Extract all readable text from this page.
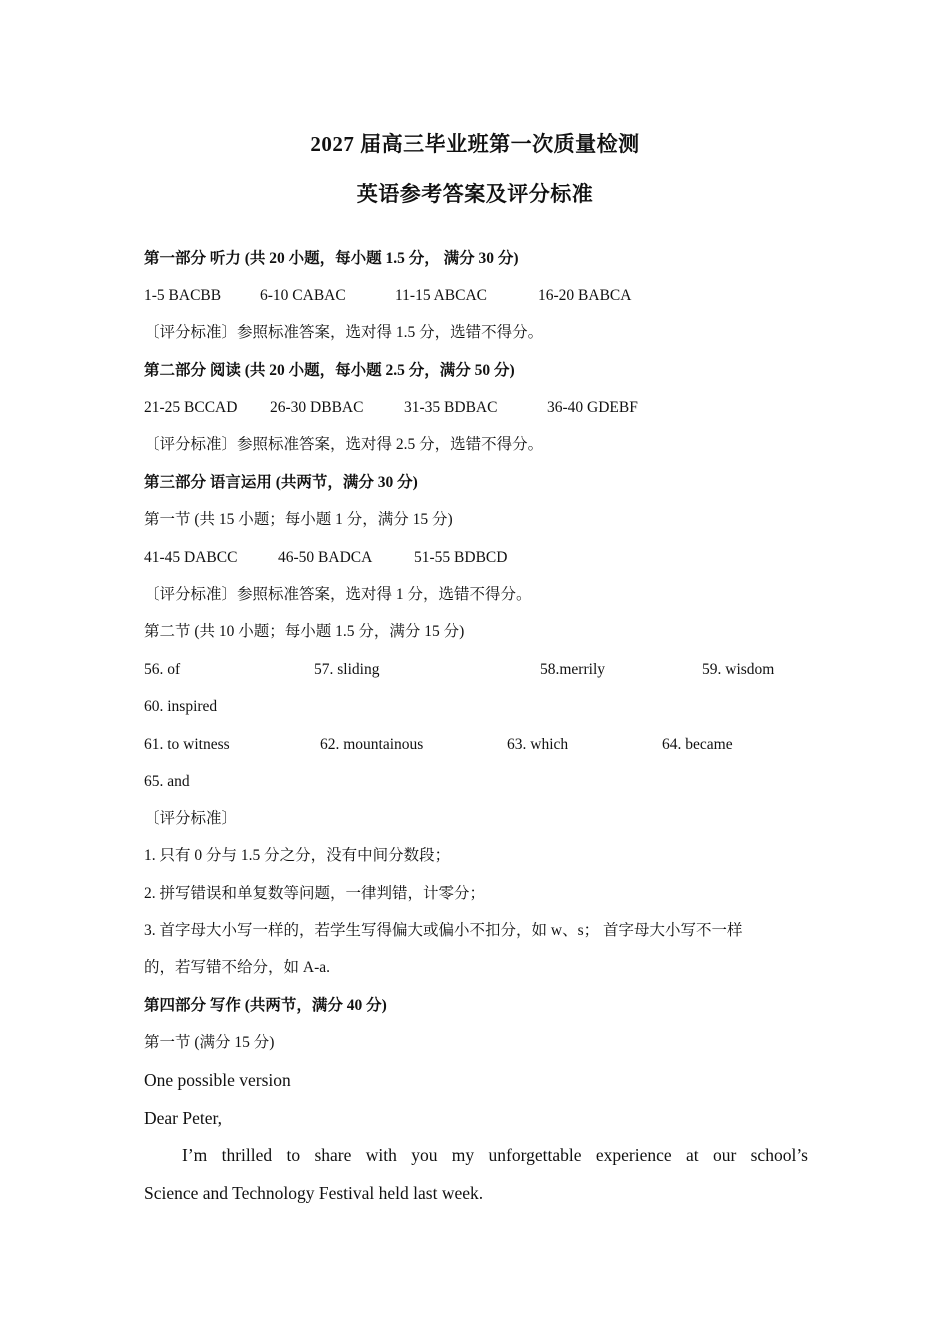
2027 届高三毕业班第一次质量检测
英语参考答案及评分标准
第一部分 听力 (共 20 小题，每小题 1.5 分， 满分 30 分)
1-5 BACBB	6-10 CABAC	11-15 ABCAC	16-20 BABCA
〔评分标准〕参照标准答案，选对得 1.5 分，选错不得分。
第二部分 阅读 (共 20 小题，每小题 2.5 分，满分 50 分)
21-25 BCCAD 26-30 DBBAC	31-35 BDBAC	36-40 GDEBF
〔评分标准〕参照标准答案，选对得 2.5 分，选错不得分。
第三部分 语言运用 (共两节，满分 30 分)
第一节 (共 15 小题；每小题 1 分，满分 15 分)
41-45 DABCC	46-50 BADCA	51-55 BDBCD
〔评分标准〕参照标准答案，选对得 1 分，选错不得分。
第二节 (共 10 小题；每小题 1.5 分，满分 15 分)
56. of	57. sliding	58.merrily	59. wisdom
60. inspired
61. to witness	62. mountainous	63. which	64. became
65. and
〔评分标准〕
1. 只有 0 分与 1.5 分之分，没有中间分数段；
2. 拼写错误和单复数等问题，一律判错，计零分；
3. 首字母大小写一样的，若学生写得偏大或偏小不扣分，如 w、s； 首字母大小写不一样
的，若写错不给分，如 A-a.
第四部分 写作 (共两节，满分 40 分)
第一节 (满分 15 分)
One possible version
Dear Peter,
I’m thrilled to share with you my unforgettable experience at our school’s
Science and Technology Festival held last week.
